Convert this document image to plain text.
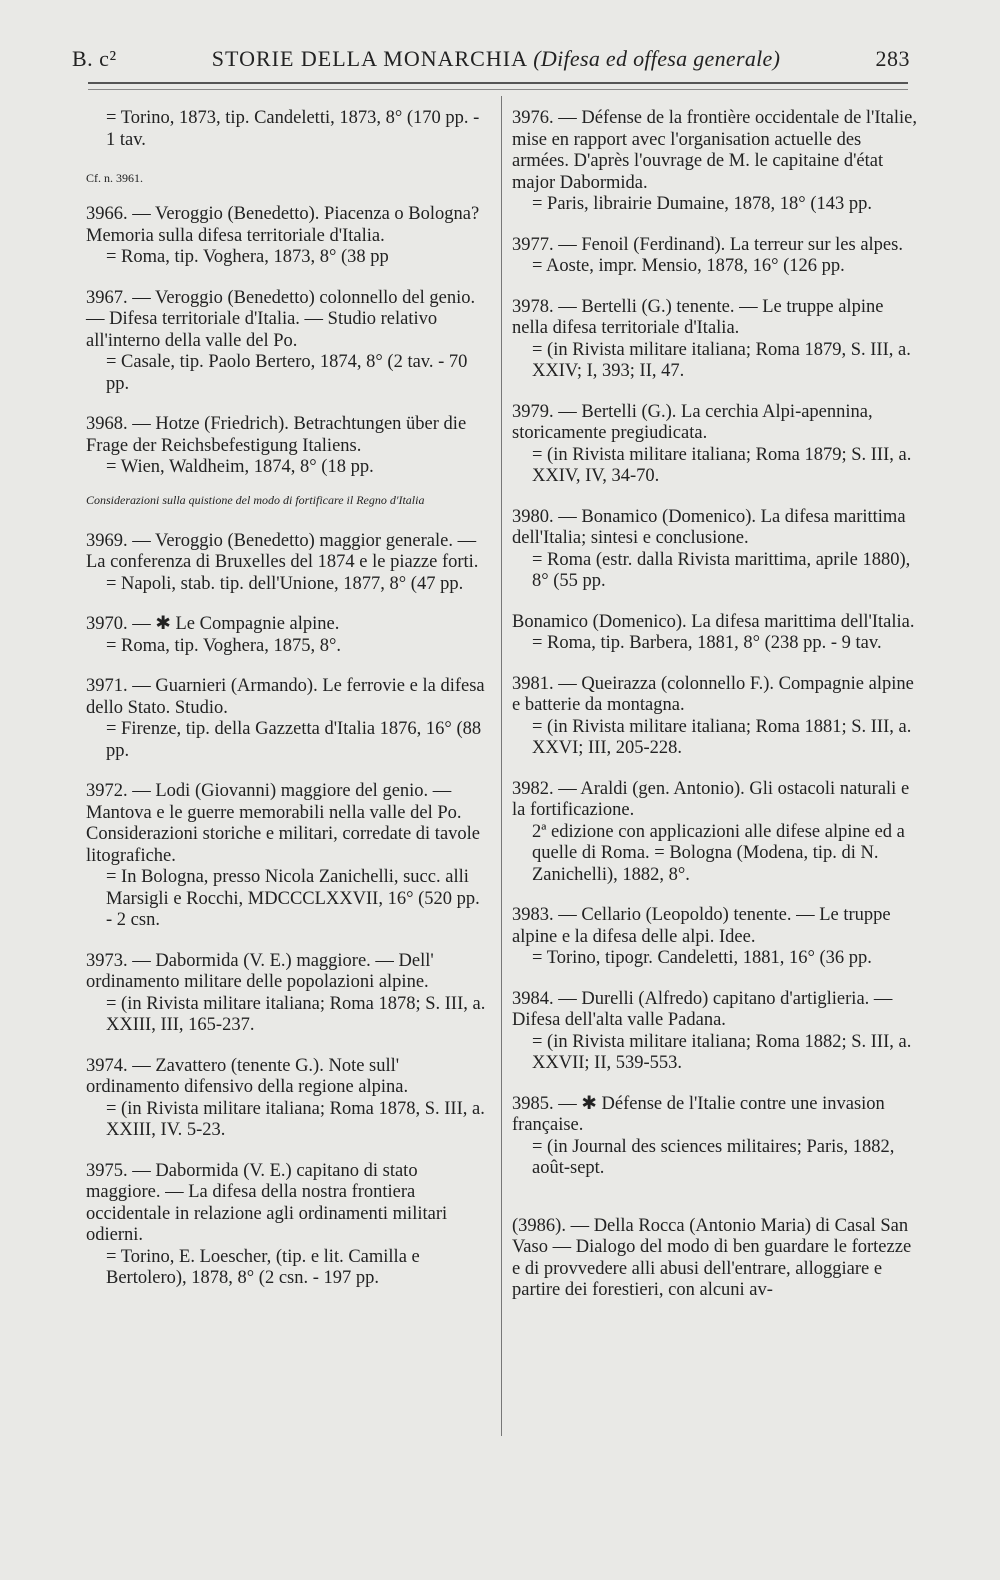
B. c²	STORIE DELLA MONARCHIA (Difesa ed offesa generale)	283

= Torino, 1873, tip. Candeletti, 1873, 8° (170 pp. - 1 tav.

Cf. n. 3961.

3966. — Veroggio (Benedetto). Piacenza o Bologna? Memoria sulla difesa territoriale d'Italia.

= Roma, tip. Voghera, 1873, 8° (38 pp

3967. — Veroggio (Benedetto) colonnello del genio. — Difesa territoriale d'Italia. — Studio relativo all'interno della valle del Po.

= Casale, tip. Paolo Bertero, 1874, 8° (2 tav. - 70 pp.

3968. — Hotze (Friedrich). Betrachtungen über die Frage der Reichsbefestigung Italiens.

= Wien, Waldheim, 1874, 8° (18 pp.

Considerazioni sulla quistione del modo di fortificare il Regno d'Italia

3969. — Veroggio (Benedetto) maggior generale. — La conferenza di Bruxelles del 1874 e le piazze forti.

= Napoli, stab. tip. dell'Unione, 1877, 8° (47 pp.

3970. — ✱ Le Compagnie alpine.

= Roma, tip. Voghera, 1875, 8°.

3971. — Guarnieri (Armando). Le ferrovie e la difesa dello Stato. Studio.

= Firenze, tip. della Gazzetta d'Italia 1876, 16° (88 pp.

3972. — Lodi (Giovanni) maggiore del genio. — Mantova e le guerre memorabili nella valle del Po. Considerazioni storiche e militari, corredate di tavole litografiche.

= In Bologna, presso Nicola Zanichelli, succ. alli Marsigli e Rocchi, MDCCCLXXVII, 16° (520 pp. - 2 csn.

3973. — Dabormida (V. E.) maggiore. — Dell' ordinamento militare delle popolazioni alpine.

= (in Rivista militare italiana; Roma 1878; S. III, a. XXIII, III, 165-237.

3974. — Zavattero (tenente G.). Note sull' ordinamento difensivo della regione alpina.

= (in Rivista militare italiana; Roma 1878, S. III, a. XXIII, IV. 5-23.

3975. — Dabormida (V. E.) capitano di stato maggiore. — La difesa della nostra frontiera occidentale in relazione agli ordinamenti militari odierni.

= Torino, E. Loescher, (tip. e lit. Camilla e Bertolero), 1878, 8° (2 csn. - 197 pp.

3976. — Défense de la frontière occidentale de l'Italie, mise en rapport avec l'organisation actuelle des armées. D'après l'ouvrage de M. le capitaine d'état major Dabormida.

= Paris, librairie Dumaine, 1878, 18° (143 pp.

3977. — Fenoil (Ferdinand). La terreur sur les alpes.

= Aoste, impr. Mensio, 1878, 16° (126 pp.

3978. — Bertelli (G.) tenente. — Le truppe alpine nella difesa territoriale d'Italia.

= (in Rivista militare italiana; Roma 1879, S. III, a. XXIV; I, 393; II, 47.

3979. — Bertelli (G.). La cerchia Alpi-apennina, storicamente pregiudicata.

= (in Rivista militare italiana; Roma 1879; S. III, a. XXIV, IV, 34-70.

3980. — Bonamico (Domenico). La difesa marittima dell'Italia; sintesi e conclusione.

= Roma (estr. dalla Rivista marittima, aprile 1880), 8° (55 pp.

Bonamico (Domenico). La difesa marittima dell'Italia.

= Roma, tip. Barbera, 1881, 8° (238 pp. - 9 tav.

3981. — Queirazza (colonnello F.). Compagnie alpine e batterie da montagna.

= (in Rivista militare italiana; Roma 1881; S. III, a. XXVI; III, 205-228.

3982. — Araldi (gen. Antonio). Gli ostacoli naturali e la fortificazione.

2ª edizione con applicazioni alle difese alpine ed a quelle di Roma. = Bologna (Modena, tip. di N. Zanichelli), 1882, 8°.

3983. — Cellario (Leopoldo) tenente. — Le truppe alpine e la difesa delle alpi. Idee.

= Torino, tipogr. Candeletti, 1881, 16° (36 pp.

3984. — Durelli (Alfredo) capitano d'artiglieria. — Difesa dell'alta valle Padana.

= (in Rivista militare italiana; Roma 1882; S. III, a. XXVII; II, 539-553.

3985. — ✱ Défense de l'Italie contre une invasion française.

= (in Journal des sciences militaires; Paris, 1882, août-sept.

(3986). — Della Rocca (Antonio Maria) di Casal San Vaso — Dialogo del modo di ben guardare le fortezze e di provvedere alli abusi dell'entrare, alloggiare e partire dei forestieri, con alcuni av-
